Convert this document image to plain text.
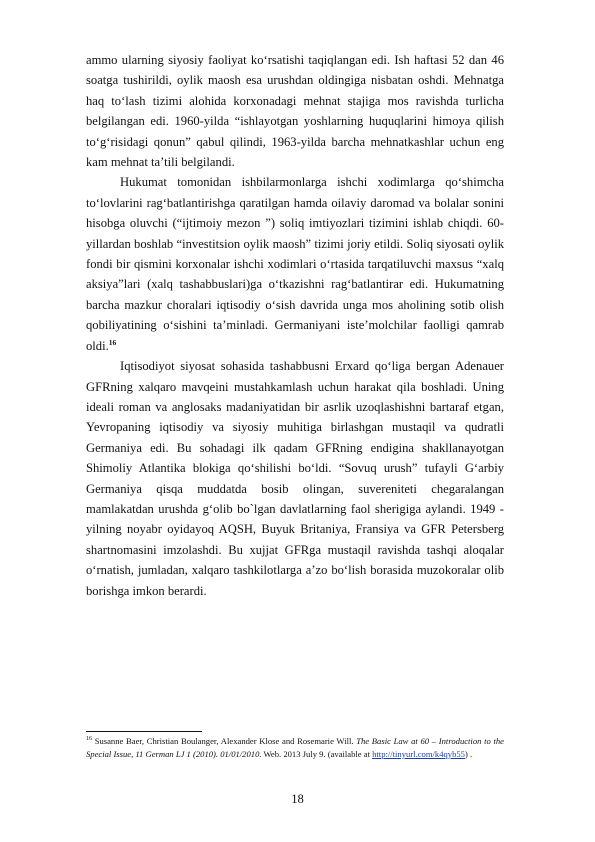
ammo ularning siyosiy faoliyat ko‘rsatishi taqiqlangan edi. Ish haftasi 52 dan 46 soatga tushirildi, oylik maosh esa urushdan oldingiga nisbatan oshdi. Mehnatga haq to‘lash tizimi alohida korxonadagi mehnat stajiga mos ravishda turlicha belgilangan edi. 1960-yilda “ishlayotgan yoshlarning huquqlarini himoya qilish to‘g‘risidagi qonun” qabul qilindi, 1963-yilda barcha mehnatkashlar uchun eng kam mehnat ta’tili belgilandi.

Hukumat tomonidan ishbilarmonlarga ishchi xodimlarga qo‘shimcha to‘lovlarini rag‘batlantirishga qaratilgan hamda oilaviy daromad va bolalar sonini hisobga oluvchi (“ijtimoiy mezon ”) soliq imtiyozlari tizimini ishlab chiqdi. 60-yillardan boshlab “investitsion oylik maosh” tizimi joriy etildi. Soliq siyosati oylik fondi bir qismini korxonalar ishchi xodimlari o‘rtasida tarqatiluvchi maxsus “xalq aksiya”lari (xalq tashabbuslari)ga o‘tkazishni rag‘batlantirar edi. Hukumatning barcha mazkur choralari iqtisodiy o‘sish davrida unga mos aholining sotib olish qobiliyatining o‘sishini ta’minladi. Germaniyani iste’molchilar faolligi qamrab oldi.$^{16}$

Iqtisodiyot siyosat sohasida tashabbusni Erxard qo‘liga bergan Adenauer GFRning xalqaro mavqeini mustahkamlash uchun harakat qila boshladi. Uning ideali roman va anglosaks madaniyatidan bir asrlik uzoqlashishni bartaraf etgan, Yevropaning iqtisodiy va siyosiy muhitiga birlashgan mustaqil va qudratli Germaniya edi. Bu sohadagi ilk qadam GFRning endigina shakllanayotgan Shimoliy Atlantika blokiga qo‘shilishi bo‘ldi. “Sovuq urush” tufayli G‘arbiy Germaniya qisqa muddatda bosib olingan, suvereniteti chegaralangan mamlakatdan urushda g‘olib bo`lgan davlatlarning faol sherigiga aylandi. 1949 -yilning noyabr oyidayoq AQSH, Buyuk Britaniya, Fransiya va GFR Petersberg shartnomasini imzolashdi. Bu xujjat GFRga mustaqil ravishda tashqi aloqalar o‘rnatish, jumladan, xalqaro tashkilotlarga a’zo bo‘lish borasida muzokoralar olib borishga imkon berardi.

$^{16}$ Susanne Baer, Christian Boulanger, Alexander Klose and Rosemarie Will. The Basic Law at 60 – Introduction to the Special Issue, 11 German LJ 1 (2010). 01/01/2010. Web. 2013 July 9. (available at http://tinyurl.com/k4qyb55) .

18
